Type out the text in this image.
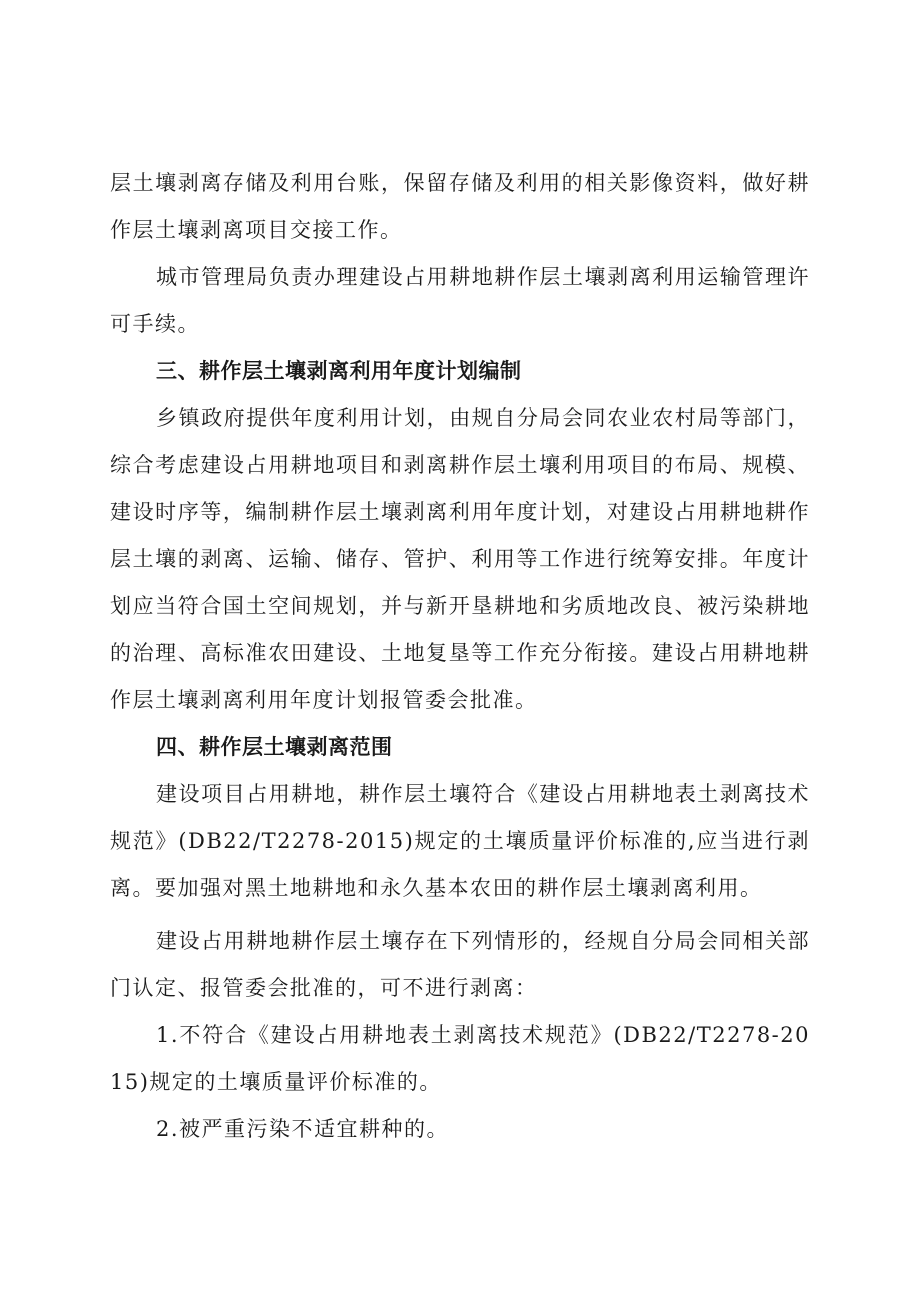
层土壤剥离存储及利用台账，保留存储及利用的相关影像资料，做好耕作层土壤剥离项目交接工作。

城市管理局负责办理建设占用耕地耕作层土壤剥离利用运输管理许可手续。

三、耕作层土壤剥离利用年度计划编制

乡镇政府提供年度利用计划，由规自分局会同农业农村局等部门，综合考虑建设占用耕地项目和剥离耕作层土壤利用项目的布局、规模、建设时序等，编制耕作层土壤剥离利用年度计划，对建设占用耕地耕作层土壤的剥离、运输、储存、管护、利用等工作进行统筹安排。年度计划应当符合国土空间规划，并与新开垦耕地和劣质地改良、被污染耕地的治理、高标准农田建设、土地复垦等工作充分衔接。建设占用耕地耕作层土壤剥离利用年度计划报管委会批准。

四、耕作层土壤剥离范围

建设项目占用耕地，耕作层土壤符合《建设占用耕地表土剥离技术规范》(DB22/T2278-2015)规定的土壤质量评价标准的,应当进行剥离。要加强对黑土地耕地和永久基本农田的耕作层土壤剥离利用。

建设占用耕地耕作层土壤存在下列情形的，经规自分局会同相关部门认定、报管委会批准的，可不进行剥离：

1.不符合《建设占用耕地表土剥离技术规范》(DB22/T2278-2015)规定的土壤质量评价标准的。

2.被严重污染不适宜耕种的。
